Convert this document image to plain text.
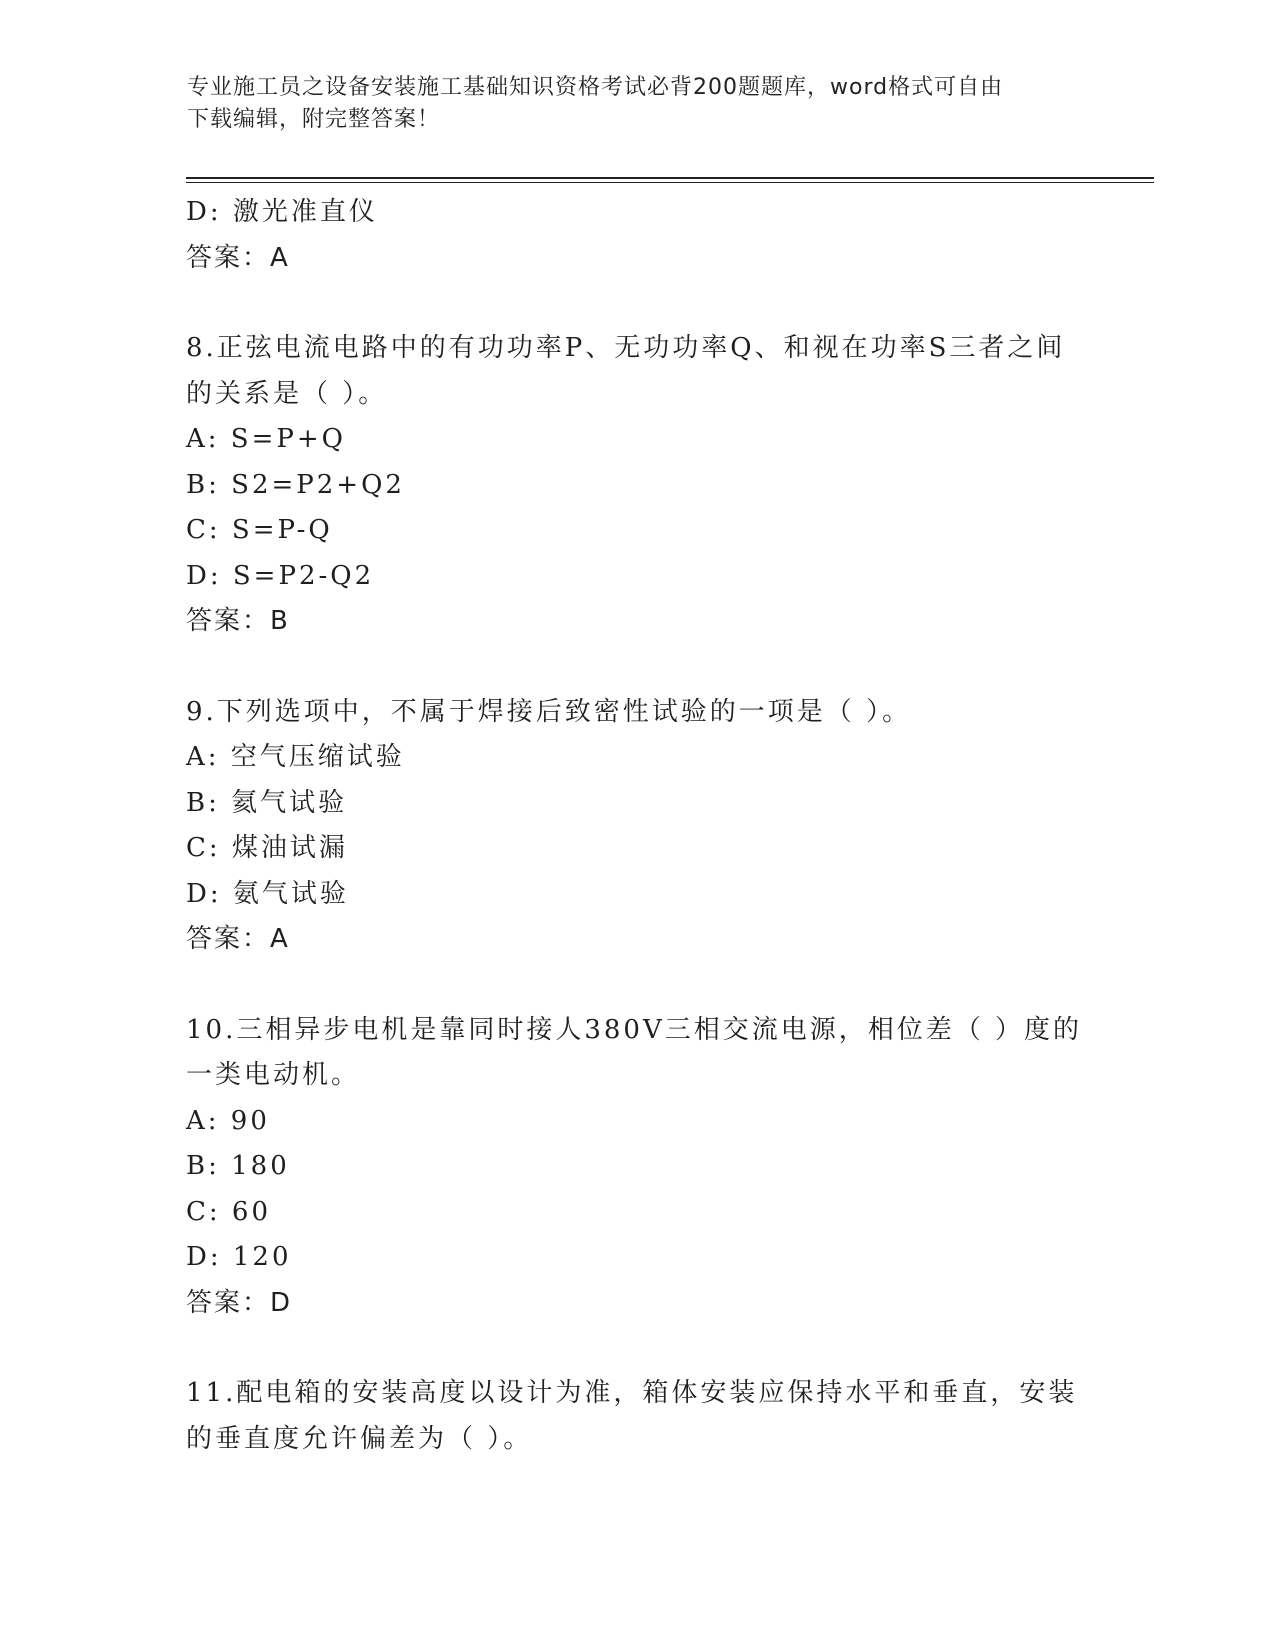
专业施工员之设备安装施工基础知识资格考试必背200题题库，word格式可自由
下载编辑，附完整答案！
D: 激光准直仪
答案：A
8.正弦电流电路中的有功功率P、无功功率Q、和视在功率S三者之间
的关系是（ ）。
A: S=P+Q
B: S2=P2+Q2
C: S=P-Q
D: S=P2-Q2
答案：B
9.下列选项中，不属于焊接后致密性试验的一项是（ ）。
A: 空气压缩试验
B: 氦气试验
C: 煤油试漏
D: 氨气试验
答案：A
10.三相异步电机是靠同时接人380V三相交流电源，相位差（ ）度的
一类电动机。
A: 90
B: 180
C: 60
D: 120
答案：D
11.配电箱的安装高度以设计为准，箱体安装应保持水平和垂直，安装
的垂直度允许偏差为（ ）。
